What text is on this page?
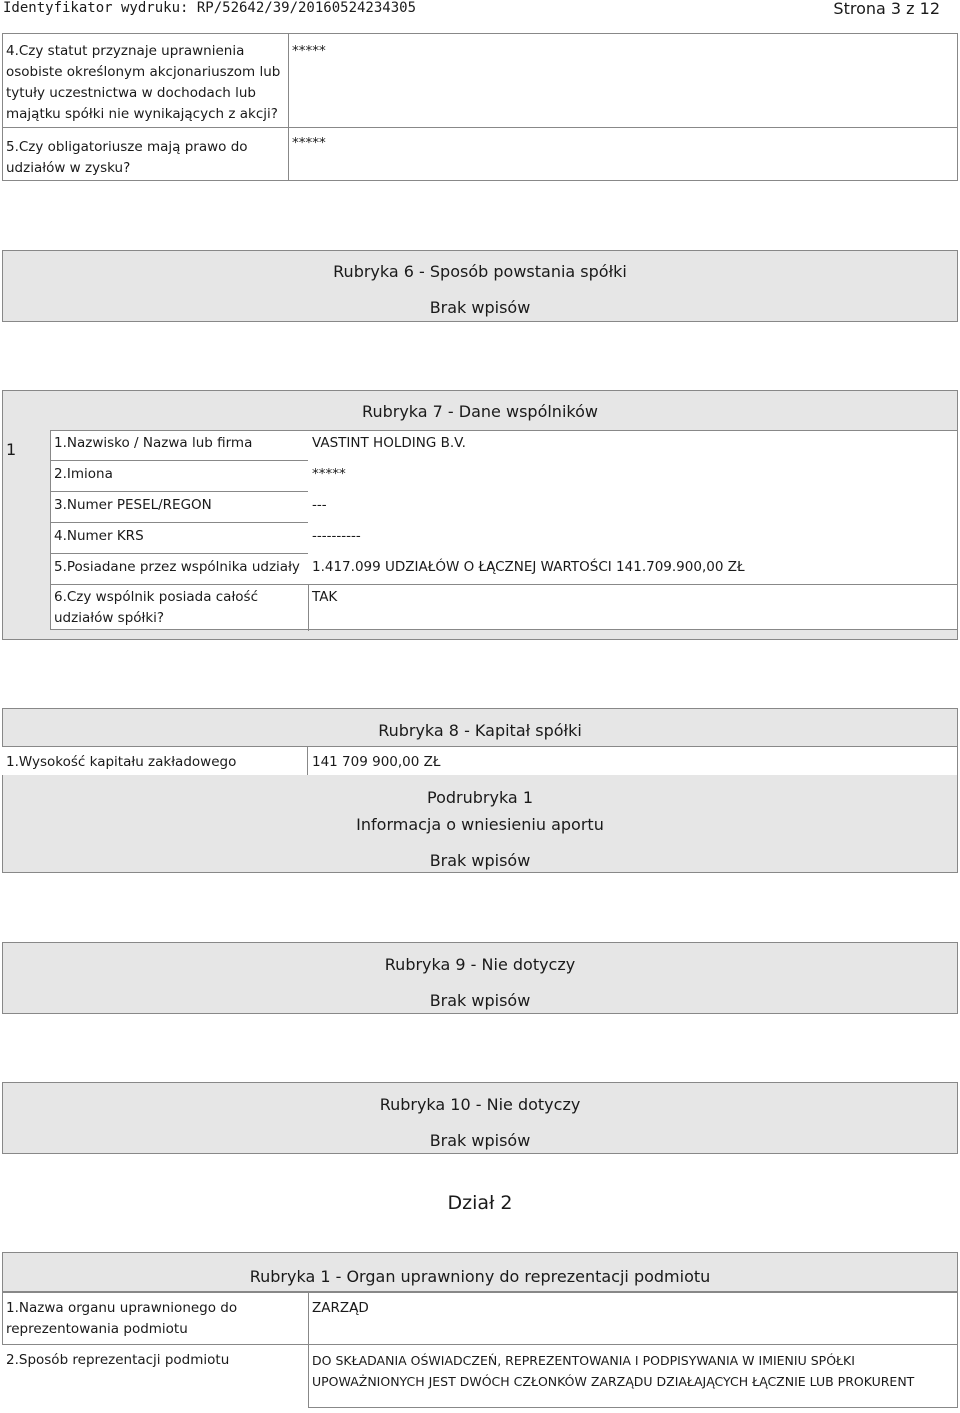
Identyfikator wydruku: RP/52642/39/20160524234305	Strona 3 z 12
4.Czy statut przyznaje uprawnienia
osobiste określonym akcjonariuszom lub
tytuły uczestnictwa w dochodach lub
majątku spółki nie wynikających z akcji?
*****
5.Czy obligatoriusze mają prawo do
udziałów w zysku?
*****
Rubryka 6 - Sposób powstania spółki
Brak wpisów
Rubryka 7 - Dane wspólników
1	1.Nazwisko / Nazwa lub firma	VASTINT HOLDING B.V.
2.Imiona	*****
3.Numer PESEL/REGON	---
4.Numer KRS	----------
5.Posiadane przez wspólnika udziały 1.417.099 UDZIAŁÓW O ŁĄCZNEJ WARTOŚCI 141.709.900,00 ZŁ
6.Czy wspólnik posiada całość
udziałów spółki?
TAK
Rubryka 8 - Kapitał spółki
1.Wysokość kapitału zakładowego	141 709 900,00 ZŁ
Podrubryka 1
Informacja o wniesieniu aportu
Brak wpisów
Rubryka 9 - Nie dotyczy
Brak wpisów
Rubryka 10 - Nie dotyczy
Brak wpisów
Dział 2
Rubryka 1 - Organ uprawniony do reprezentacji podmiotu
1.Nazwa organu uprawnionego do
reprezentowania podmiotu
ZARZĄD
2.Sposób reprezentacji podmiotu	DO SKŁADANIA OŚWIADCZEŃ, REPREZENTOWANIA I PODPISYWANIA W IMIENIU SPÓŁKI
UPOWAŻNIONYCH JEST DWÓCH CZŁONKÓW ZARZĄDU DZIAŁAJĄCYCH ŁĄCZNIE LUB PROKURENT
